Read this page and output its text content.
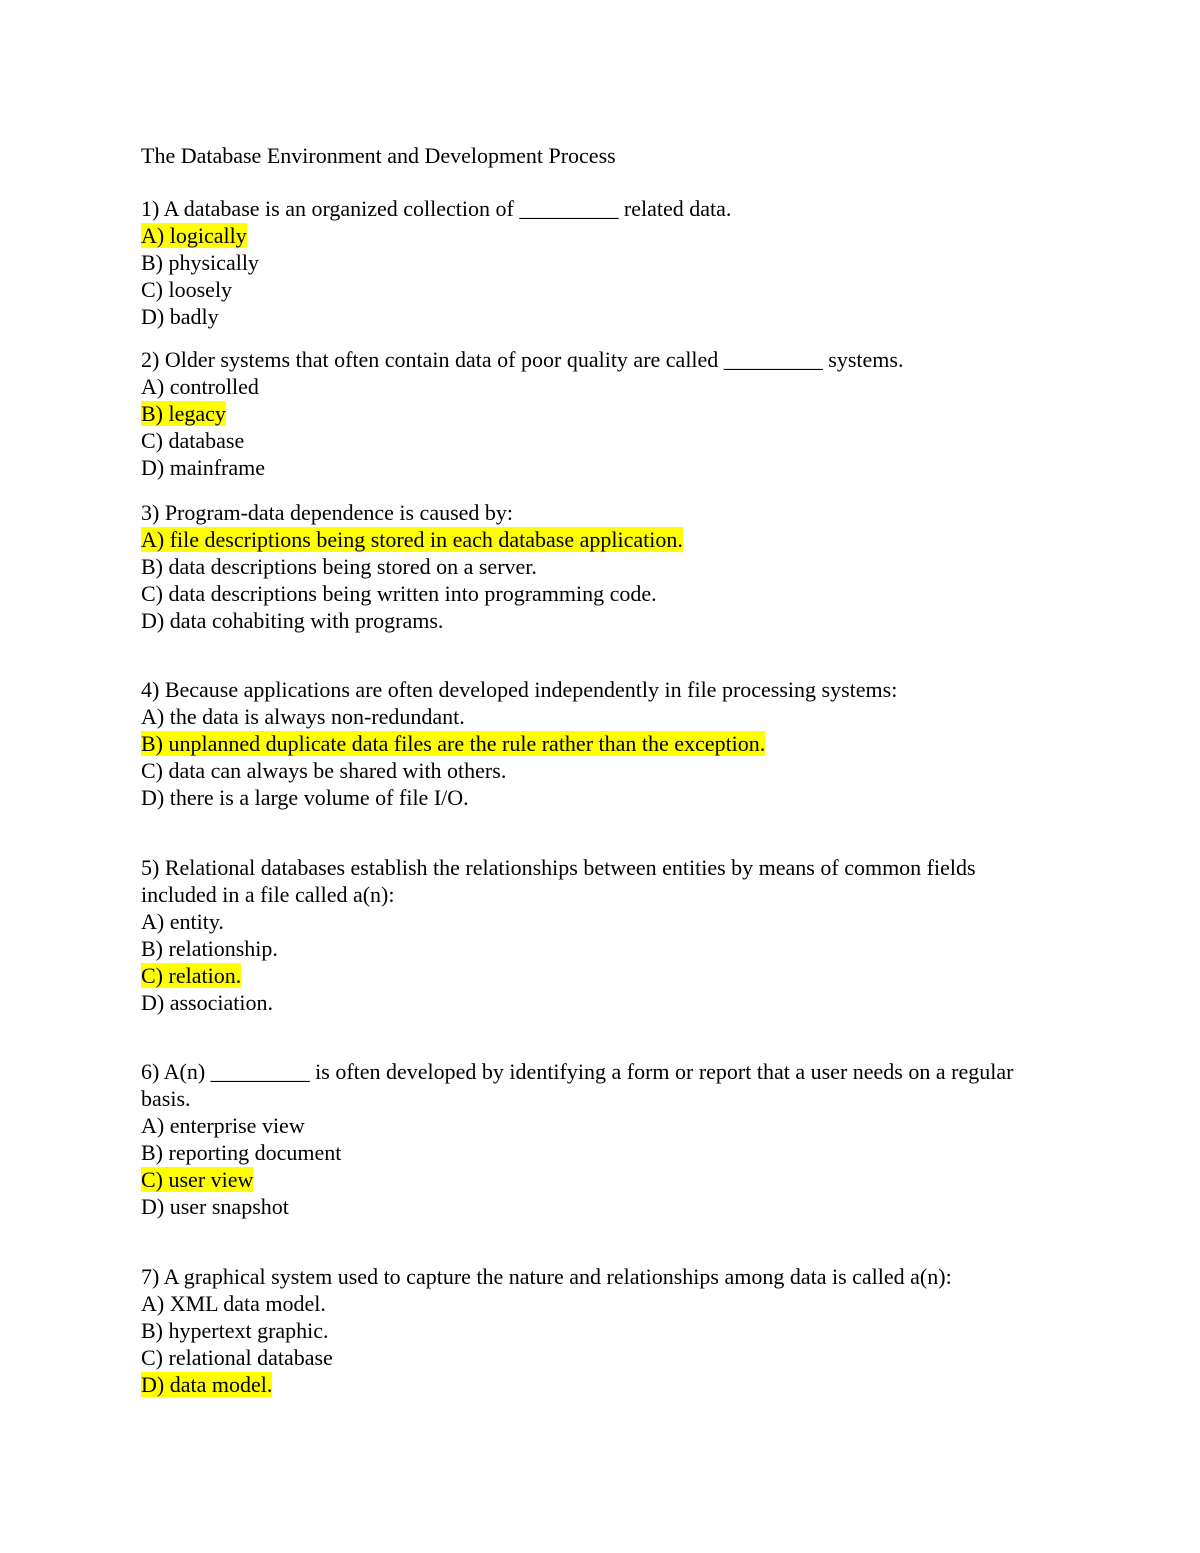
The Database Environment and Development Process
1) A database is an organized collection of _________ related data.
A) logically
B) physically
C) loosely
D) badly
2) Older systems that often contain data of poor quality are called _________ systems.
A) controlled
B) legacy
C) database
D) mainframe
3) Program-data dependence is caused by:
A) file descriptions being stored in each database application.
B) data descriptions being stored on a server.
C) data descriptions being written into programming code.
D) data cohabiting with programs.
4) Because applications are often developed independently in file processing systems:
A) the data is always non-redundant.
B) unplanned duplicate data files are the rule rather than the exception.
C) data can always be shared with others.
D) there is a large volume of file I/O.
5) Relational databases establish the relationships between entities by means of common fields included in a file called a(n):
A) entity.
B) relationship.
C) relation.
D) association.
6) A(n) _________ is often developed by identifying a form or report that a user needs on a regular basis.
A) enterprise view
B) reporting document
C) user view
D) user snapshot
7) A graphical system used to capture the nature and relationships among data is called a(n):
A) XML data model.
B) hypertext graphic.
C) relational database
D) data model.
